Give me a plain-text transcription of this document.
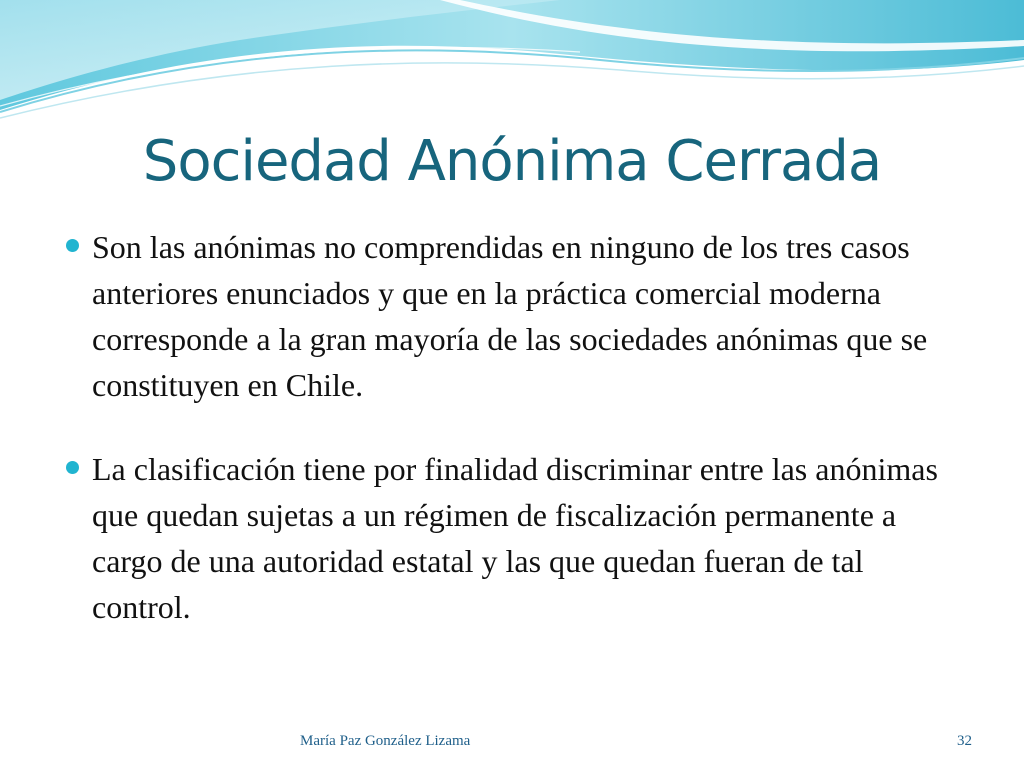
Sociedad Anónima Cerrada

Son las anónimas no comprendidas en ninguno de los tres casos anteriores enunciados y que en la práctica comercial moderna corresponde a la gran mayoría de las sociedades anónimas que se constituyen en Chile.

La clasificación tiene por finalidad discriminar entre las anónimas que quedan sujetas a un régimen de fiscalización permanente a cargo de una autoridad estatal y las que quedan fueran de tal control.

María Paz González Lizama	32
